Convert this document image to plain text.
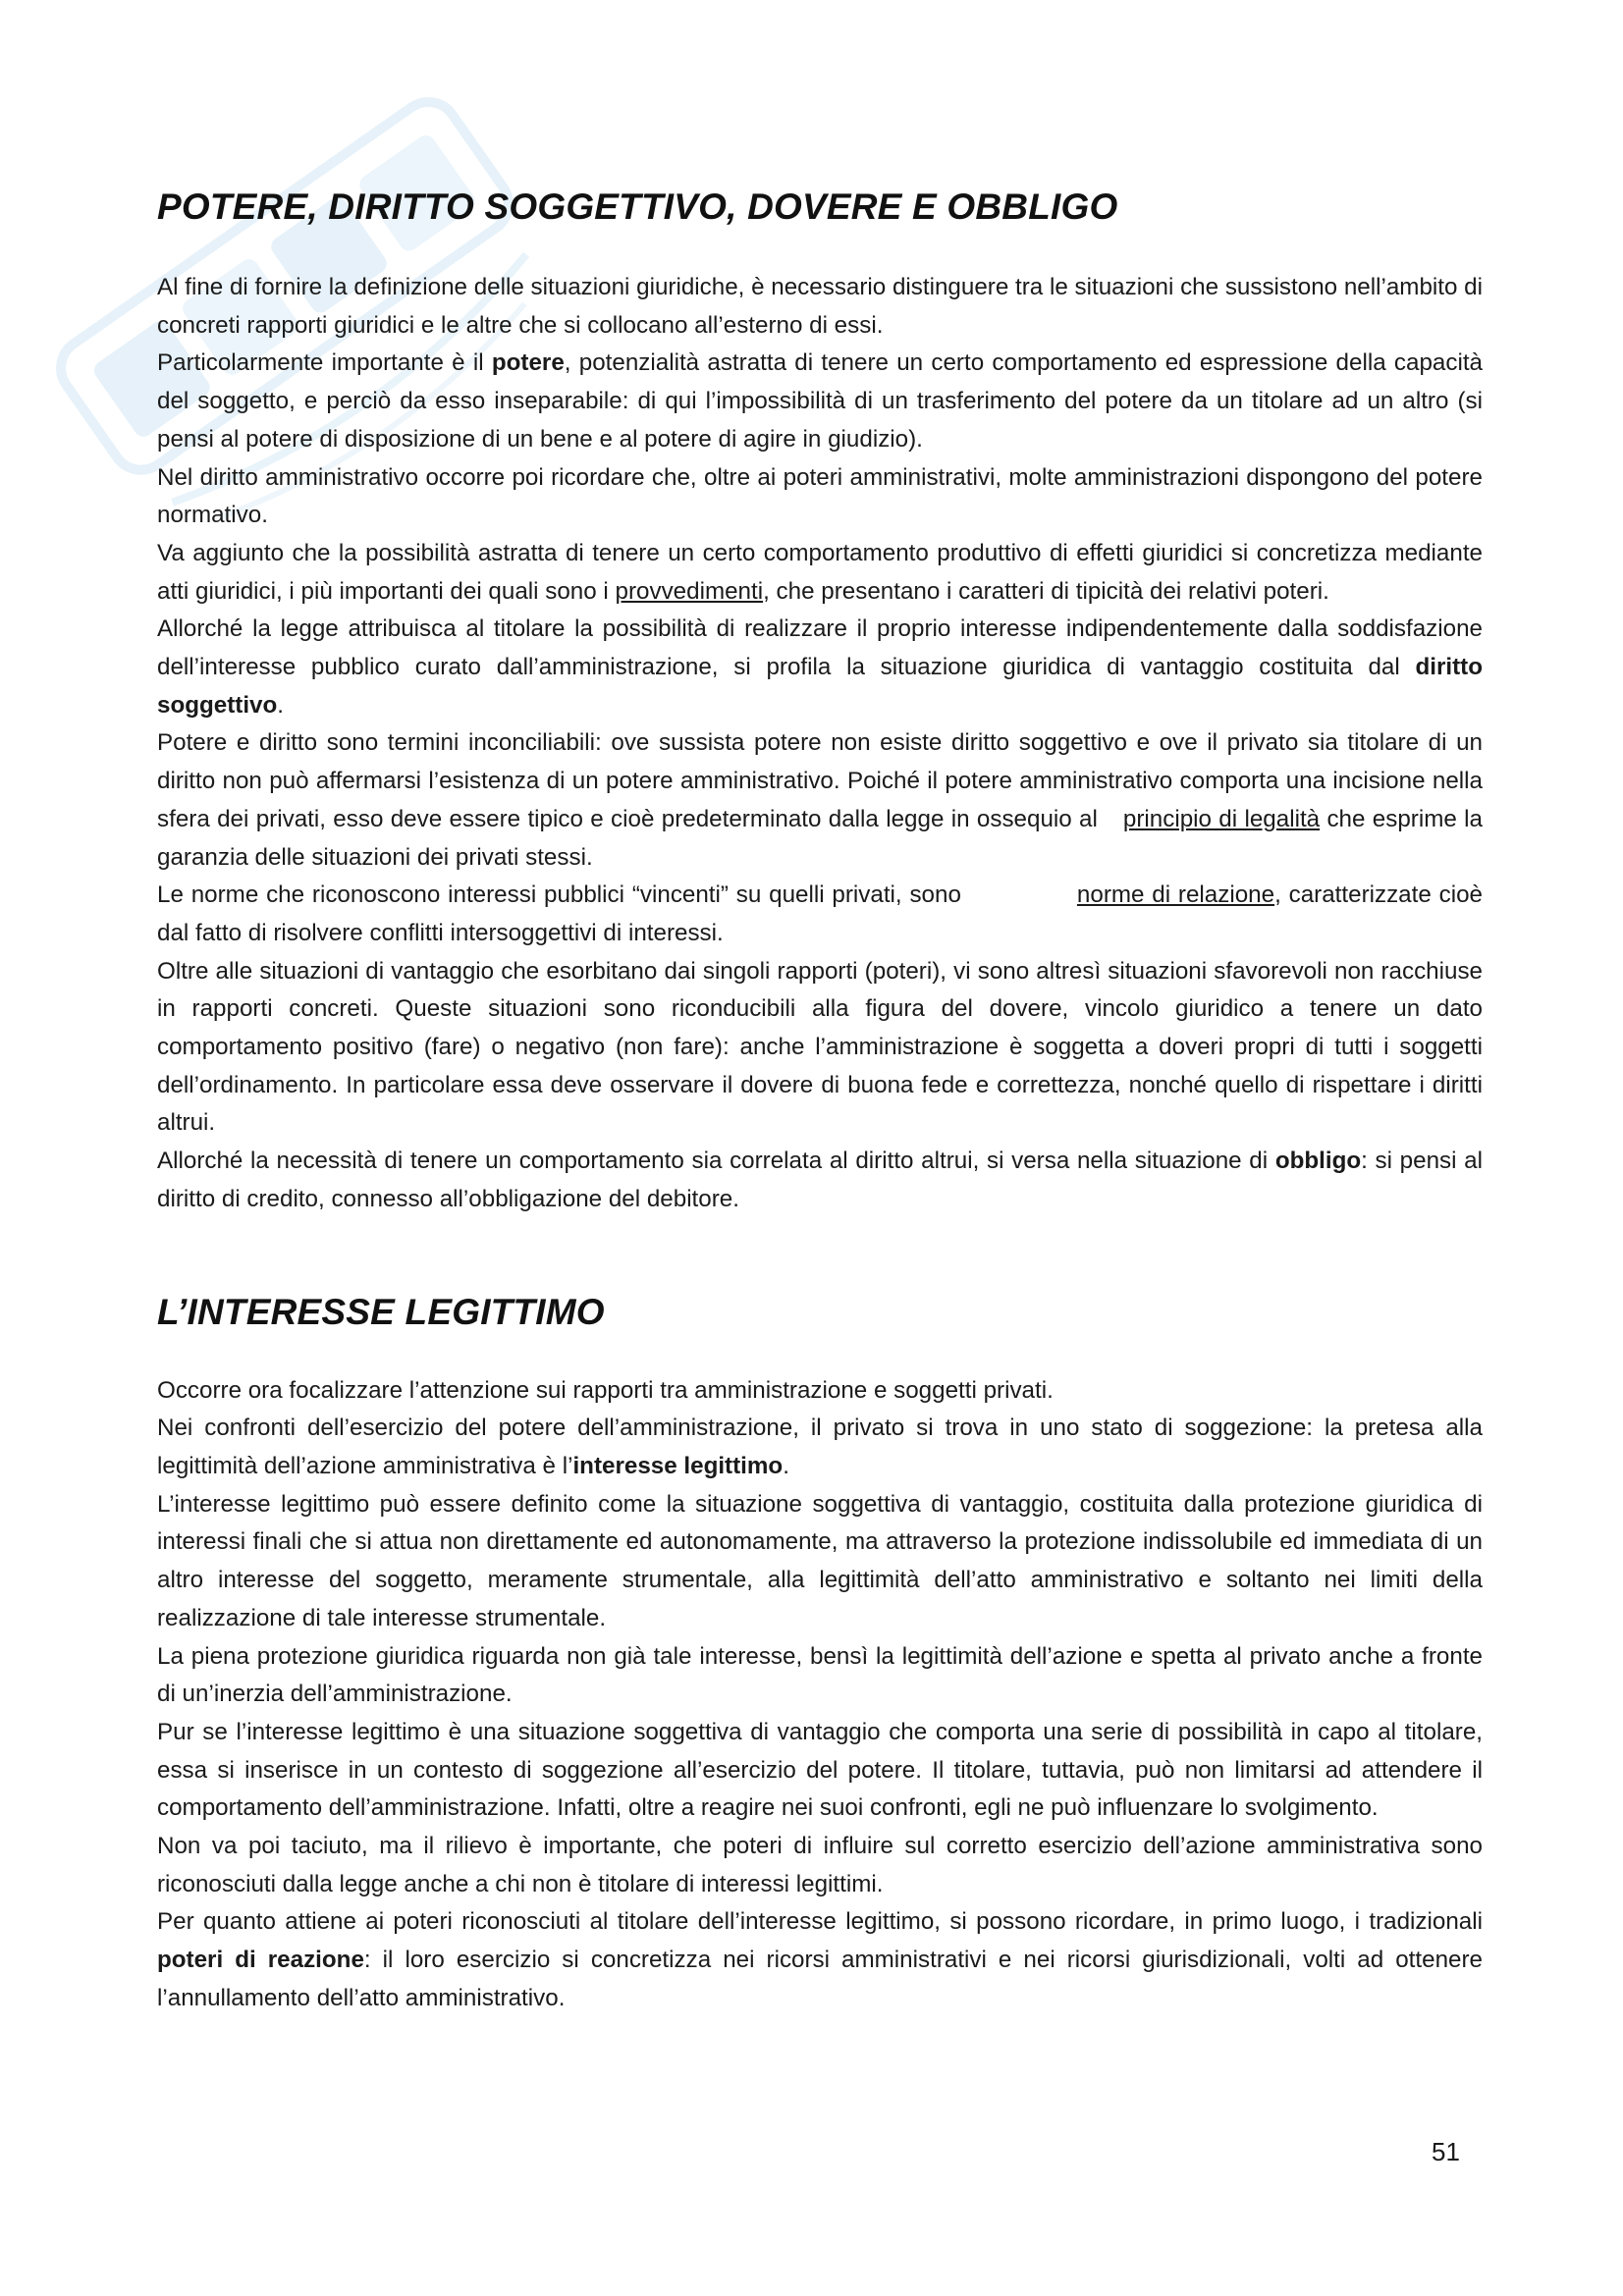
POTERE, DIRITTO SOGGETTIVO, DOVERE E OBBLIGO

Al fine di fornire la definizione delle situazioni giuridiche, è necessario distinguere tra le situazioni che sussistono nell’ambito di concreti rapporti giuridici e le altre che si collocano all’esterno di essi.

Particolarmente importante è il potere, potenzialità astratta di tenere un certo comportamento ed espressione della capacità del soggetto, e perciò da esso inseparabile: di qui l’impossibilità di un trasferimento del potere da un titolare ad un altro (si pensi al potere di disposizione di un bene e al potere di agire in giudizio).

Nel diritto amministrativo occorre poi ricordare che, oltre ai poteri amministrativi, molte amministrazioni dispongono del potere normativo.

Va aggiunto che la possibilità astratta di tenere un certo comportamento produttivo di effetti giuridici si concretizza mediante atti giuridici, i più importanti dei quali sono i provvedimenti, che presentano i caratteri di tipicità dei relativi poteri.

Allorché la legge attribuisca al titolare la possibilità di realizzare il proprio interesse indipendentemente dalla soddisfazione dell’interesse pubblico curato dall’amministrazione, si profila la situazione giuridica di vantaggio costituita dal diritto soggettivo.

Potere e diritto sono termini inconciliabili: ove sussista potere non esiste diritto soggettivo e ove il privato sia titolare di un diritto non può affermarsi l’esistenza di un potere amministrativo. Poiché il potere amministrativo comporta una incisione nella sfera dei privati, esso deve essere tipico e cioè predeterminato dalla legge in ossequio al principio di legalità che esprime la garanzia delle situazioni dei privati stessi.

Le norme che riconoscono interessi pubblici “vincenti” su quelli privati, sono	norme di relazione, caratterizzate cioè dal fatto di risolvere conflitti intersoggettivi di interessi.

Oltre alle situazioni di vantaggio che esorbitano dai singoli rapporti (poteri), vi sono altresì situazioni sfavorevoli non racchiuse in rapporti concreti. Queste situazioni sono riconducibili alla figura del dovere, vincolo giuridico a tenere un dato comportamento positivo (fare) o negativo (non fare): anche l’amministrazione è soggetta a doveri propri di tutti i soggetti dell’ordinamento. In particolare essa deve osservare il dovere di buona fede e correttezza, nonché quello di rispettare i diritti altrui.

Allorché la necessità di tenere un comportamento sia correlata al diritto altrui, si versa nella situazione di obbligo: si pensi al diritto di credito, connesso all’obbligazione del debitore.

L’INTERESSE LEGITTIMO

Occorre ora focalizzare l’attenzione sui rapporti tra amministrazione e soggetti privati.

Nei confronti dell’esercizio del potere dell’amministrazione, il privato si trova in uno stato di soggezione: la pretesa alla legittimità dell’azione amministrativa è l’interesse legittimo.

L’interesse legittimo può essere definito come la situazione soggettiva di vantaggio, costituita dalla protezione giuridica di interessi finali che si attua non direttamente ed autonomamente, ma attraverso la protezione indissolubile ed immediata di un altro interesse del soggetto, meramente strumentale, alla legittimità dell’atto amministrativo e soltanto nei limiti della realizzazione di tale interesse strumentale.

La piena protezione giuridica riguarda non già tale interesse, bensì la legittimità dell’azione e spetta al privato anche a fronte di un’inerzia dell’amministrazione.

Pur se l’interesse legittimo è una situazione soggettiva di vantaggio che comporta una serie di possibilità in capo al titolare, essa si inserisce in un contesto di soggezione all’esercizio del potere. Il titolare, tuttavia, può non limitarsi ad attendere il comportamento dell’amministrazione. Infatti, oltre a reagire nei suoi confronti, egli ne può influenzare lo svolgimento.

Non va poi taciuto, ma il rilievo è importante, che poteri di influire sul corretto esercizio dell’azione amministrativa sono riconosciuti dalla legge anche a chi non è titolare di interessi legittimi.

Per quanto attiene ai poteri riconosciuti al titolare dell’interesse legittimo, si possono ricordare, in primo luogo, i tradizionali poteri di reazione: il loro esercizio si concretizza nei ricorsi amministrativi e nei ricorsi giurisdizionali, volti ad ottenere l’annullamento dell’atto amministrativo.

51
